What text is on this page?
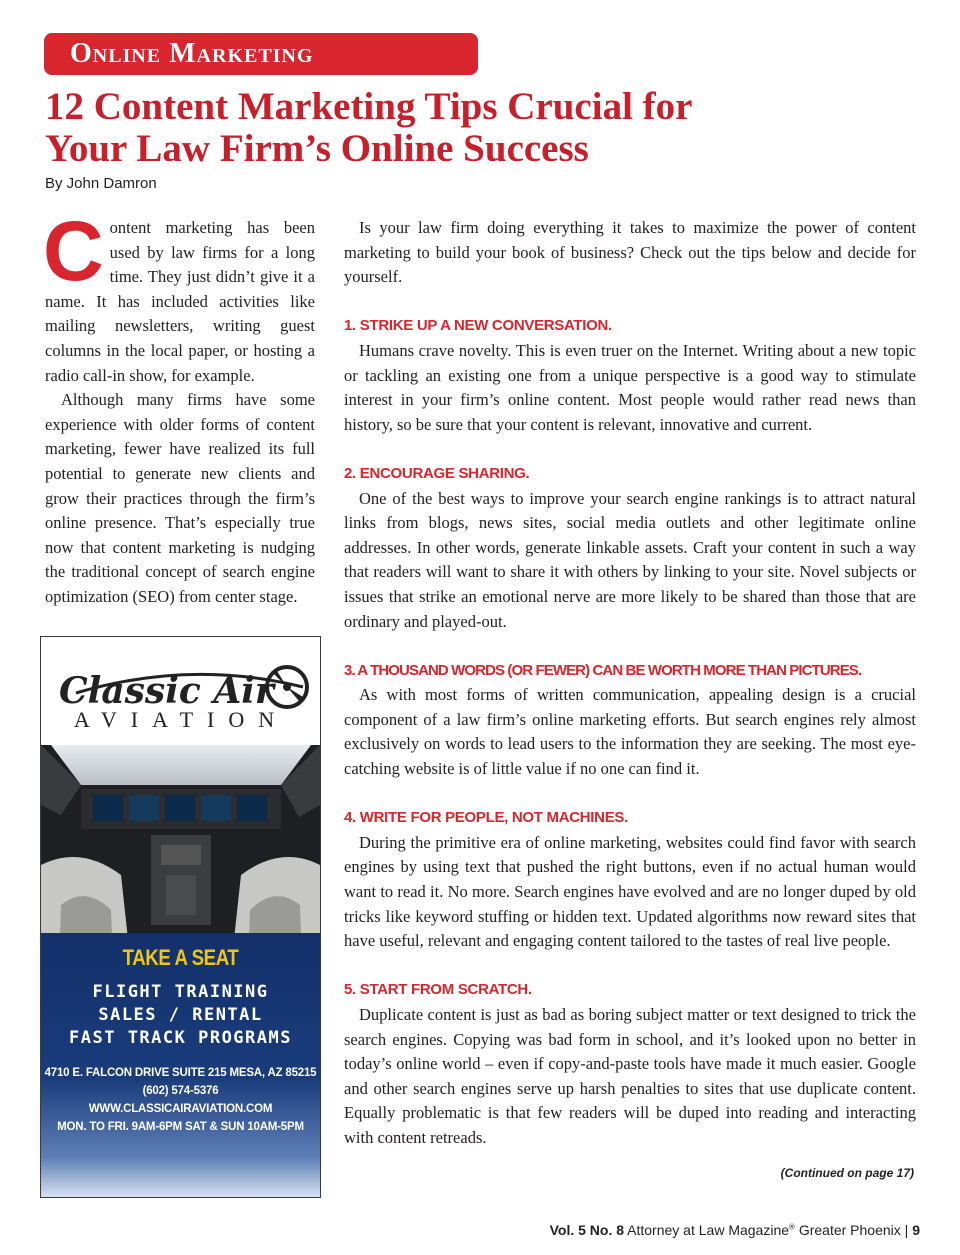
Online Marketing
12 Content Marketing Tips Crucial for
Your Law Firm’s Online Success
By John Damron

Content marketing has been used by law firms for a long time. They just didn’t give it a name. It has included activities like mailing newsletters, writing guest columns in the local paper, or hosting a radio call-in show, for example.

Although many firms have some experience with older forms of content marketing, fewer have realized its full potential to generate new clients and grow their practices through the firm’s online presence. That’s especially true now that content marketing is nudging the traditional concept of search engine optimization (SEO) from center stage.

Is your law firm doing everything it takes to maximize the power of content marketing to build your book of business? Check out the tips below and decide for yourself.

1. STRIKE UP A NEW CONVERSATION.

Humans crave novelty. This is even truer on the Internet. Writing about a new topic or tackling an existing one from a unique perspective is a good way to stimulate interest in your firm’s online content. Most people would rather read news than history, so be sure that your content is relevant, innovative and current.

2. ENCOURAGE SHARING.

One of the best ways to improve your search engine rankings is to attract natural links from blogs, news sites, social media outlets and other legitimate online addresses. In other words, generate linkable assets. Craft your content in such a way that readers will want to share it with others by linking to your site. Novel subjects or issues that strike an emotional nerve are more likely to be shared than those that are ordinary and played-out.

3. A THOUSAND WORDS (OR FEWER) CAN BE WORTH MORE THAN PICTURES.

As with most forms of written communication, appealing design is a crucial component of a law firm’s online marketing efforts. But search engines rely almost exclusively on words to lead users to the information they are seeking. The most eye-catching website is of little value if no one can find it.

4. WRITE FOR PEOPLE, NOT MACHINES.

During the primitive era of online marketing, websites could find favor with search engines by using text that pushed the right buttons, even if no actual human would want to read it. No more. Search engines have evolved and are no longer duped by old tricks like keyword stuffing or hidden text. Updated algorithms now reward sites that have useful, relevant and engaging content tailored to the tastes of real live people.

5. START FROM SCRATCH.

Duplicate content is just as bad as boring subject matter or text designed to trick the search engines. Copying was bad form in school, and it’s looked upon no better in today’s online world – even if copy-and-paste tools have made it much easier. Google and other search engines serve up harsh penalties to sites that use duplicate content. Equally problematic is that few readers will be duped into reading and interacting with content retreads.

(Continued on page 17)
Classic Air
AVIATION
TAKE A SEAT
FLIGHT TRAINING
SALES / RENTAL
FAST TRACK PROGRAMS
4710 E. FALCON DRIVE SUITE 215 MESA, AZ 85215
(602) 574-5376
WWW.CLASSICAIRAVIATION.COM
MON. TO FRI. 9AM-6PM SAT & SUN 10AM-5PM
Vol. 5 No. 8 Attorney at Law Magazine® Greater Phoenix | 9
